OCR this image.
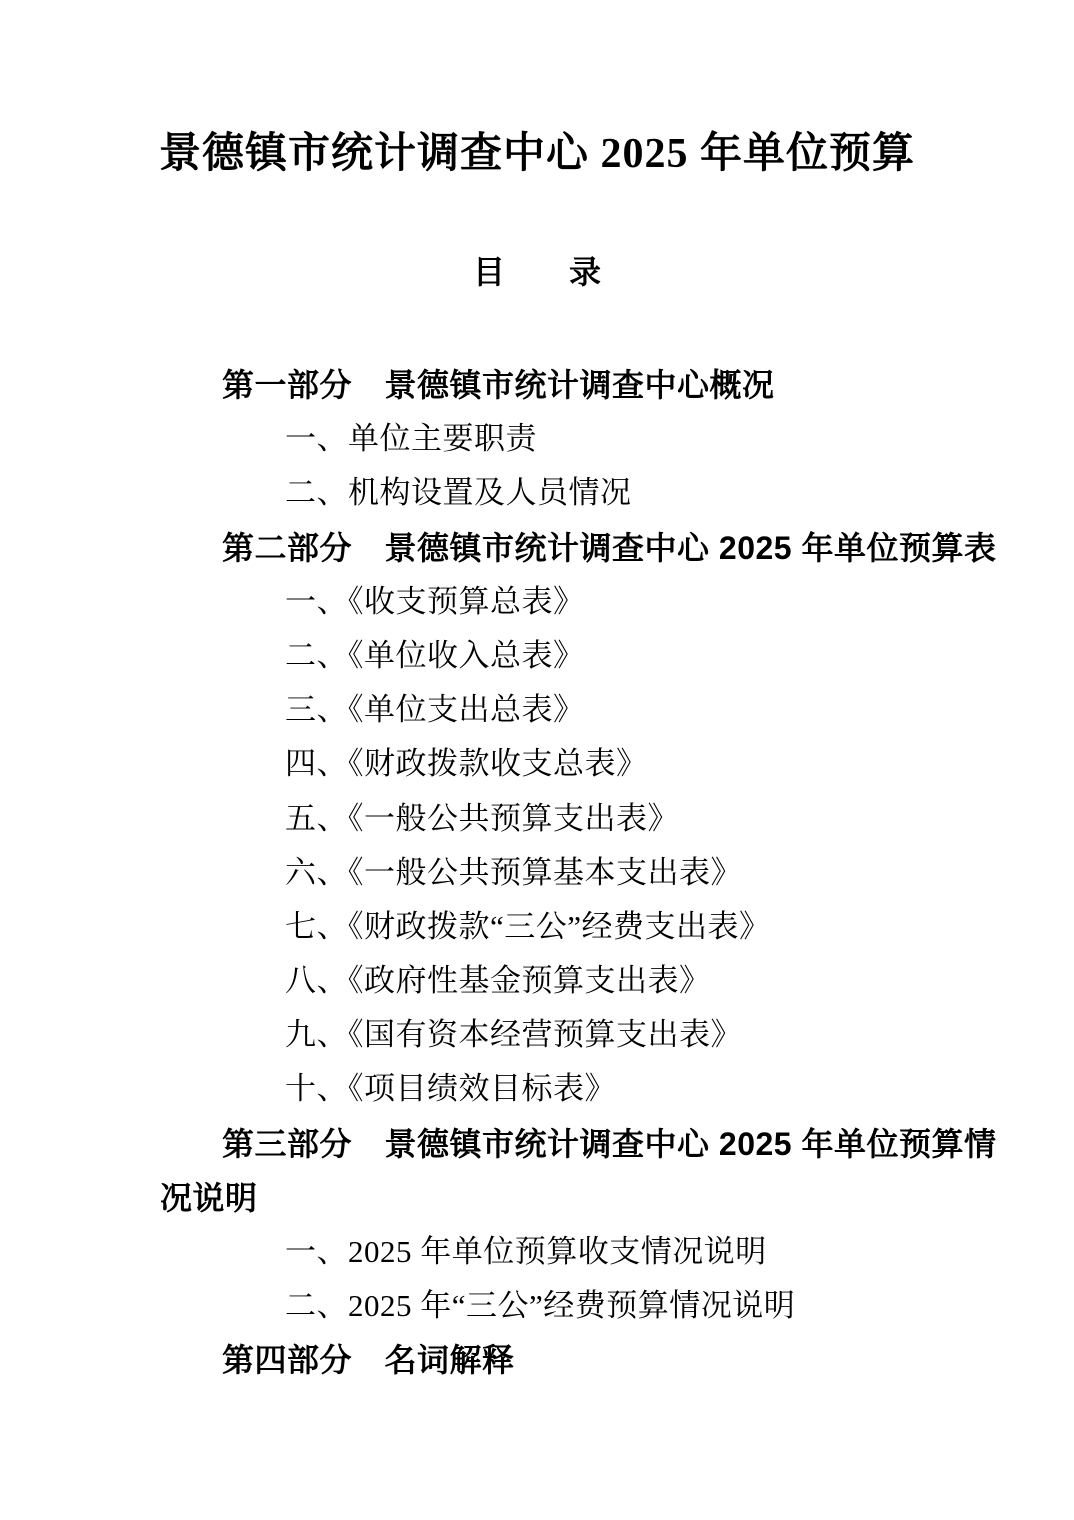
景德镇市统计调查中心 2025 年单位预算
目　　录
第一部分　景德镇市统计调查中心概况
一、单位主要职责
二、机构设置及人员情况
第二部分　景德镇市统计调查中心 2025 年单位预算表
一、《收支预算总表》
二、《单位收入总表》
三、《单位支出总表》
四、《财政拨款收支总表》
五、《一般公共预算支出表》
六、《一般公共预算基本支出表》
七、《财政拨款“三公”经费支出表》
八、《政府性基金预算支出表》
九、《国有资本经营预算支出表》
十、《项目绩效目标表》
第三部分　景德镇市统计调查中心 2025 年单位预算情
况说明
一、2025 年单位预算收支情况说明
二、2025 年“三公”经费预算情况说明
第四部分　名词解释
